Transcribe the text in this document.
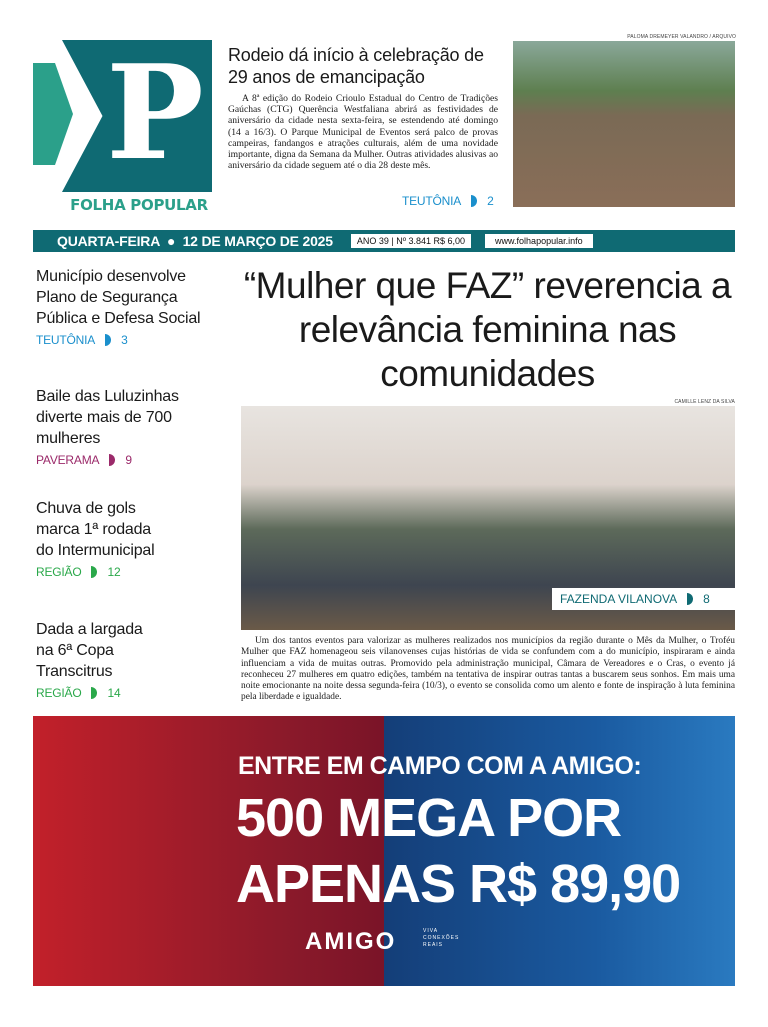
P
FOLHA POPULAR
Rodeio dá início à celebração de 29 anos de emancipação
A 8ª edição do Rodeio Crioulo Estadual do Centro de Tradições Gaúchas (CTG) Querência Westfaliana abrirá as festividades de aniversário da cidade nesta sexta-feira, se estendendo até domingo (14 a 16/3). O Parque Municipal de Eventos será palco de provas campeiras, fandangos e atrações culturais, além de uma novidade importante, digna da Semana da Mulher. Outras atividades alusivas ao aniversário da cidade seguem até o dia 28 deste mês.
TEUTÔNIA 2
PALOMA DREMEYER VALANDRO / ARQUIVO
QUARTA-FEIRA  ●  12 DE MARÇO DE 2025	ANO 39 | Nº 3.841 R$ 6,00	www.folhapopular.info
Município desenvolve Plano de Segurança Pública e Defesa Social
TEUTÔNIA 3
Baile das Luluzinhas diverte mais de 700 mulheres
PAVERAMA 9
Chuva de gols marca 1ª rodada do Intermunicipal
REGIÃO 12
Dada a largada na 6ª Copa Transcitrus
REGIÃO 14
“Mulher que FAZ” reverencia a relevância feminina nas comunidades
CAMILLE LENZ DA SILVA
FAZENDA VILANOVA 8
Um dos tantos eventos para valorizar as mulheres realizados nos municípios da região durante o Mês da Mulher, o Troféu Mulher que FAZ homenageou seis vilanovenses cujas histórias de vida se confundem com a do município, inspiraram e ainda influenciam a vida de muitas outras. Promovido pela administração municipal, Câmara de Vereadores e o Cras, o evento já reconheceu 27 mulheres em quatro edições, também na tentativa de inspirar outras tantas a buscarem seus sonhos. Em mais uma noite emocionante na noite dessa segunda-feira (10/3), o evento se consolida como um alento e fonte de inspiração à luta feminina pela liberdade e igualdade.
ENTRE EM CAMPO COM A AMIGO:
500 MEGA POR
APENAS R$ 89,90
AMIGO	VIVA CONEXÕES REAIS
